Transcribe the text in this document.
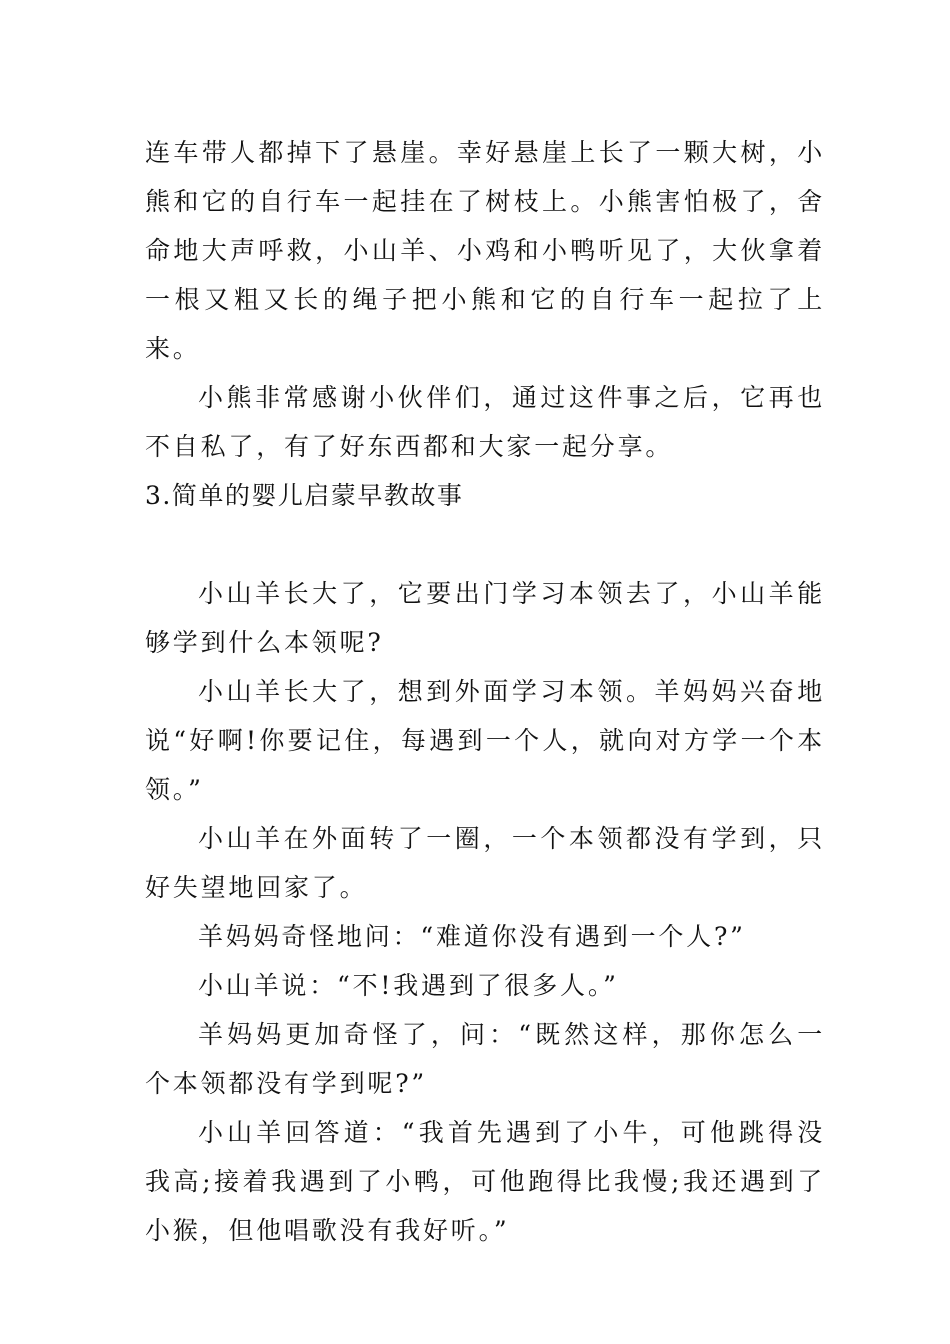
连车带人都掉下了悬崖。幸好悬崖上长了一颗大树，小熊和它的自行车一起挂在了树枝上。小熊害怕极了，舍命地大声呼救，小山羊、小鸡和小鸭听见了，大伙拿着一根又粗又长的绳子把小熊和它的自行车一起拉了上来。

小熊非常感谢小伙伴们，通过这件事之后，它再也不自私了，有了好东西都和大家一起分享。

3.简单的婴儿启蒙早教故事

小山羊长大了，它要出门学习本领去了，小山羊能够学到什么本领呢?

小山羊长大了，想到外面学习本领。羊妈妈兴奋地说“好啊!你要记住，每遇到一个人，就向对方学一个本领。”

小山羊在外面转了一圈，一个本领都没有学到，只好失望地回家了。

羊妈妈奇怪地问：“难道你没有遇到一个人?”

小山羊说：“不!我遇到了很多人。”

羊妈妈更加奇怪了，问：“既然这样，那你怎么一个本领都没有学到呢?”

小山羊回答道：“我首先遇到了小牛，可他跳得没我高;接着我遇到了小鸭，可他跑得比我慢;我还遇到了小猴，但他唱歌没有我好听。”
